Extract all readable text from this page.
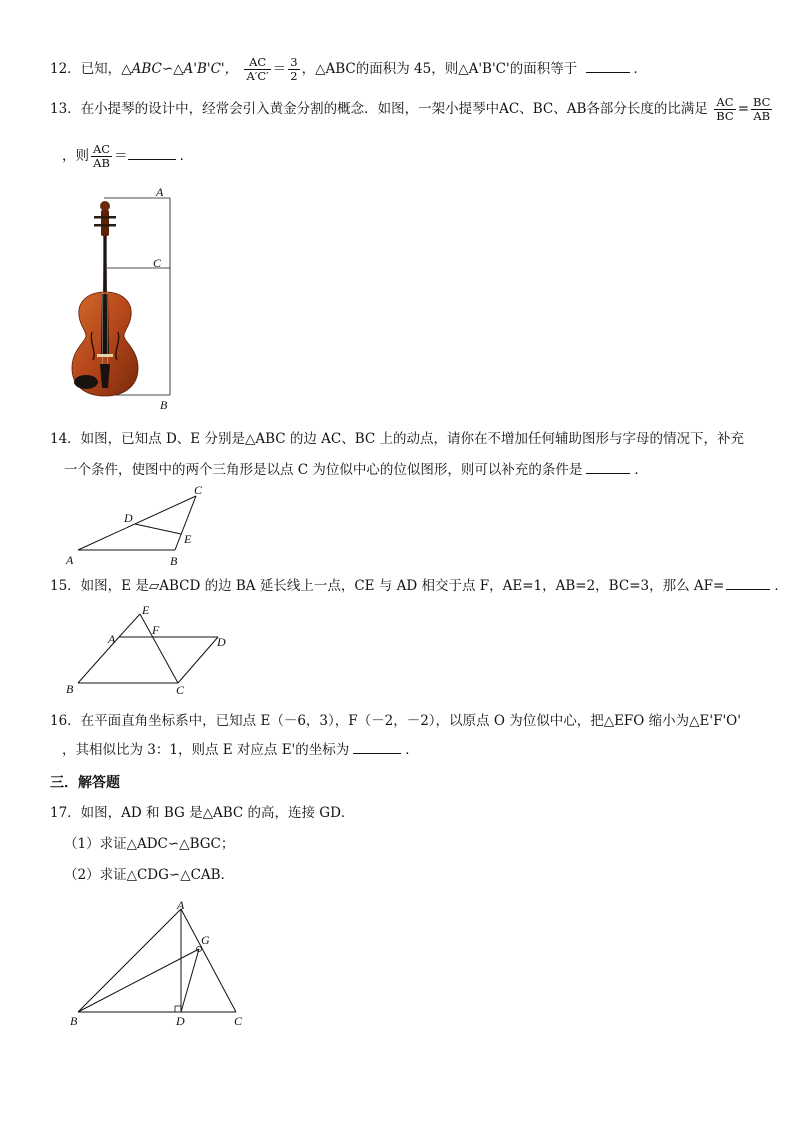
12．已知，△ABC∽△A'B'C'， $\frac{AC}{A'C'} = \frac{3}{2}$ ，△ABC的面积为 45，则△A'B'C'的面积等于	．
13．在小提琴的设计中，经常会引入黄金分割的概念．如图，一架小提琴中AC、BC、AB各部分长度的比满足 $\frac{AC}{BC} = \frac{BC}{AB}$
，则 $\frac{AC}{AB}$ ＝	．
A
C
B
14．如图，已知点 D、E 分别是△ABC 的边 AC、BC 上的动点，请你在不增加任何辅助图形与字母的情况下，补充
一个条件，使图中的两个三角形是以点 C 为位似中心的位似图形，则可以补充的条件是	．
A	B
C
D
E
15．如图，E 是▱ABCD 的边 BA 延长线上一点，CE 与 AD 相交于点 F，AE=1，AB=2，BC=3，那么 AF=	．
A
B	C
D
E
F
16．在平面直角坐标系中，已知点 E（－6，3），F（－2，－2），以原点 O 为位似中心，把△EFO 缩小为△E'F'O'
，其相似比为 3：1，则点 E 对应点 E'的坐标为	．
三．解答题
17．如图，AD 和 BG 是△ABC 的高，连接 GD．
（1）求证△ADC∽△BGC；
（2）求证△CDG∽△CAB．
A
B	C
D
G
